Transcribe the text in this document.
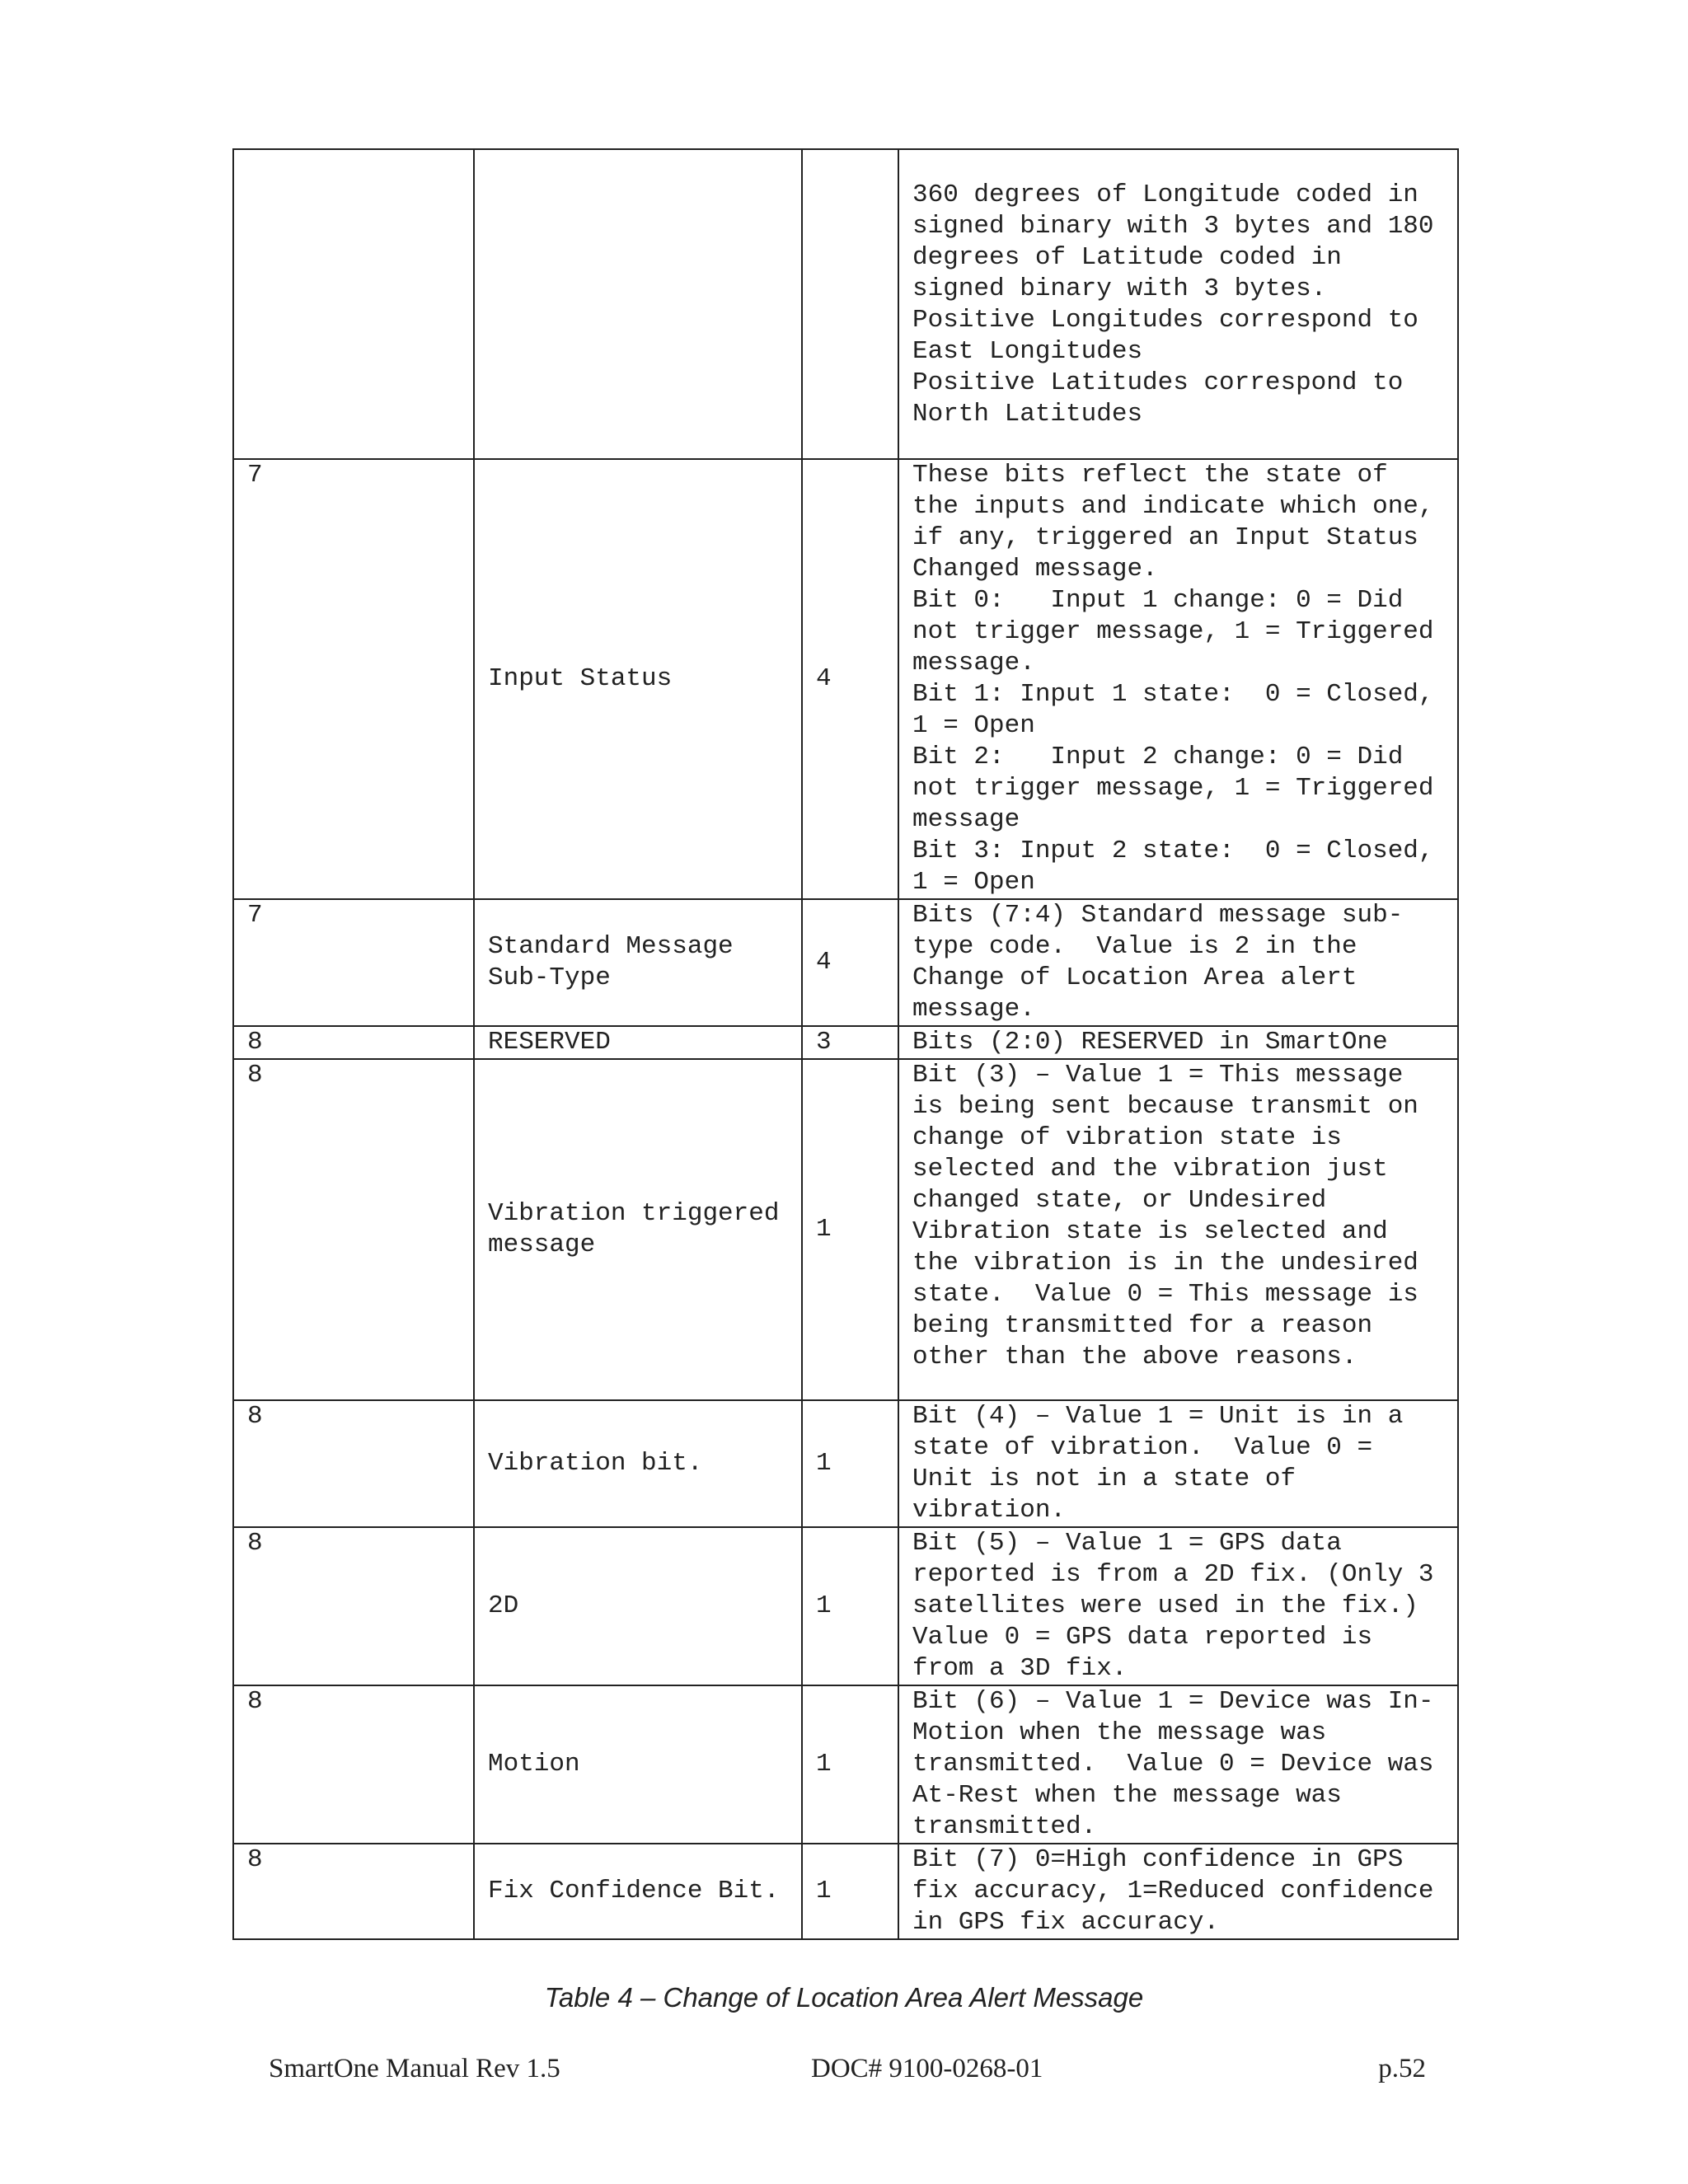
			360 degrees of Longitude coded in signed binary with 3 bytes and 180 degrees of Latitude coded in signed binary with 3 bytes.
Positive Longitudes correspond to East Longitudes
Positive Latitudes correspond to North Latitudes
7	Input Status	4	These bits reflect the state of the inputs and indicate which one, if any, triggered an Input Status Changed message.
Bit 0:   Input 1 change: 0 = Did not trigger message, 1 = Triggered message.
Bit 1: Input 1 state:  0 = Closed, 1 = Open
Bit 2:   Input 2 change: 0 = Did not trigger message, 1 = Triggered message
Bit 3: Input 2 state:  0 = Closed, 1 = Open
7	Standard Message Sub-Type	4	Bits (7:4) Standard message sub-type code.  Value is 2 in the Change of Location Area alert message.
8	RESERVED	3	Bits (2:0) RESERVED in SmartOne
8	Vibration triggered message	1	Bit (3) – Value 1 = This message is being sent because transmit on change of vibration state is selected and the vibration just changed state, or Undesired Vibration state is selected and the vibration is in the undesired state.  Value 0 = This message is being transmitted for a reason other than the above reasons.
8	Vibration bit.	1	Bit (4) – Value 1 = Unit is in a state of vibration.  Value 0 = Unit is not in a state of vibration.
8	2D	1	Bit (5) – Value 1 = GPS data reported is from a 2D fix. (Only 3 satellites were used in the fix.)  Value 0 = GPS data reported is from a 3D fix.
8	Motion	1	Bit (6) – Value 1 = Device was In-Motion when the message was transmitted.  Value 0 = Device was At-Rest when the message was transmitted.
8	Fix Confidence Bit.	1	Bit (7) 0=High confidence in GPS fix accuracy, 1=Reduced confidence in GPS fix accuracy.
Table 4 – Change of Location Area Alert Message
SmartOne Manual Rev 1.5	DOC# 9100-0268-01	p.52
